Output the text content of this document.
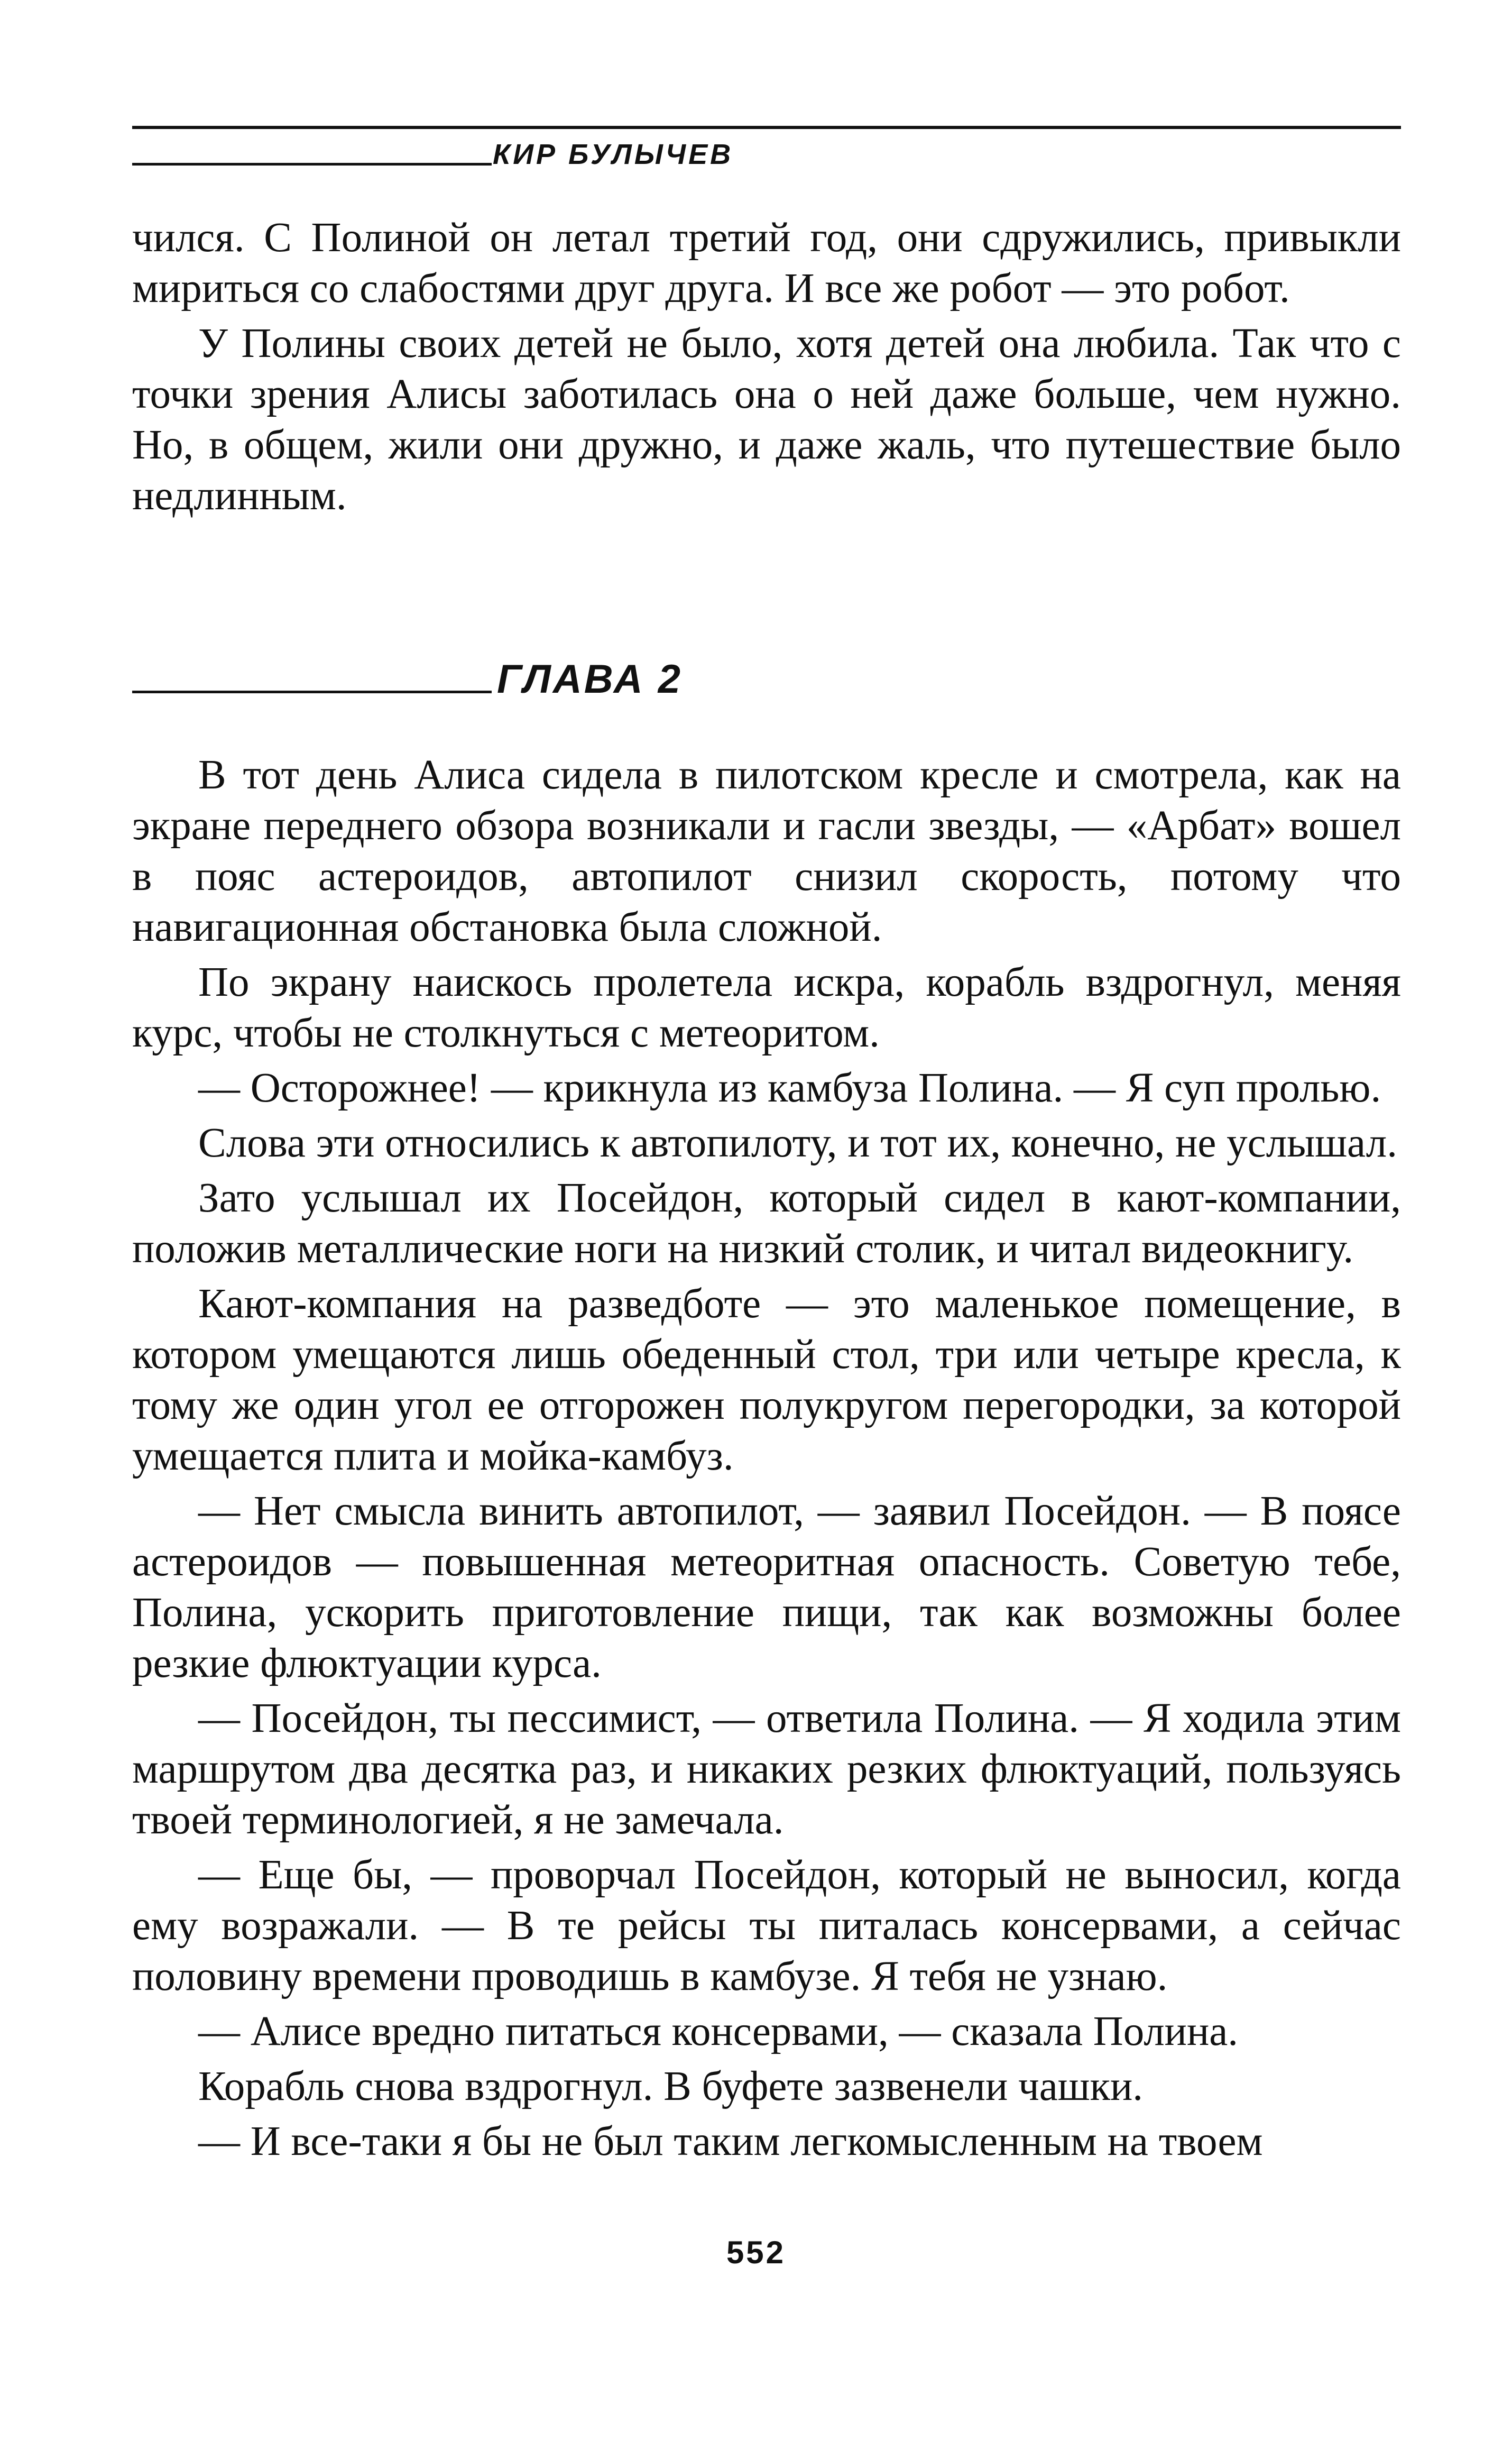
КИР БУЛЫЧЕВ

чился. С Полиной он летал третий год, они сдружились, привыкли мириться со слабостями друг друга. И все же робот — это робот.

У Полины своих детей не было, хотя детей она любила. Так что с точки зрения Алисы заботилась она о ней даже больше, чем нужно. Но, в общем, жили они дружно, и даже жаль, что путешествие было недлинным.

ГЛАВА 2

В тот день Алиса сидела в пилотском кресле и смотрела, как на экране переднего обзора возникали и гасли звезды, — «Арбат» вошел в пояс астероидов, автопилот снизил скорость, потому что навигационная обстановка была сложной.

По экрану наискось пролетела искра, корабль вздрогнул, меняя курс, чтобы не столкнуться с метеоритом.

— Осторожнее! — крикнула из камбуза Полина. — Я суп пролью.

Слова эти относились к автопилоту, и тот их, конечно, не услышал.

Зато услышал их Посейдон, который сидел в кают-компании, положив металлические ноги на низкий столик, и читал видеокнигу.

Кают-компания на разведботе — это маленькое помещение, в котором умещаются лишь обеденный стол, три или четыре кресла, к тому же один угол ее отгорожен полукругом перегородки, за которой умещается плита и мойка-камбуз.

— Нет смысла винить автопилот, — заявил Посейдон. — В поясе астероидов — повышенная метеоритная опасность. Советую тебе, Полина, ускорить приготовление пищи, так как возможны более резкие флюктуации курса.

— Посейдон, ты пессимист, — ответила Полина. — Я ходила этим маршрутом два десятка раз, и никаких резких флюктуаций, пользуясь твоей терминологией, я не замечала.

— Еще бы, — проворчал Посейдон, который не выносил, когда ему возражали. — В те рейсы ты питалась консервами, а сейчас половину времени проводишь в камбузе. Я тебя не узнаю.

— Алисе вредно питаться консервами, — сказала Полина.

Корабль снова вздрогнул. В буфете зазвенели чашки.

— И все-таки я бы не был таким легкомысленным на твоем

552
